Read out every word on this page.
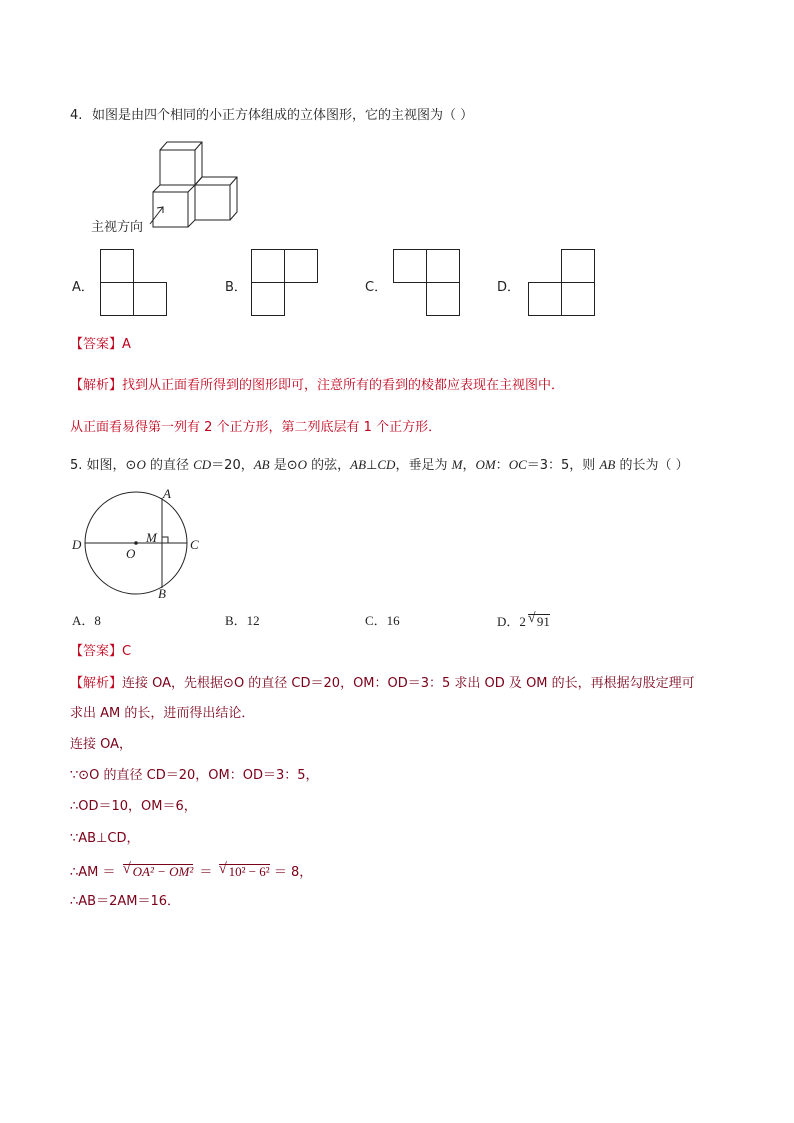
4. 如图是由四个相同的小正方体组成的立体图形，它的主视图为（ ）
主视方向
A．	B．	C．	D．
【答案】A
【解析】找到从正面看所得到的图形即可，注意所有的看到的棱都应表现在主视图中．
从正面看易得第一列有 2 个正方形，第二列底层有 1 个正方形．
5. 如图，⊙O 的直径 CD＝20，AB 是⊙O 的弦，AB⊥CD，垂足为 M，OM：OC＝3：5，则 AB 的长为（ ）
A
D	C
M
O
B
A．8	B．12	C．16	D．2 √ 91
【答案】C
【解析】连接 OA，先根据⊙O 的直径 CD＝20，OM：OD＝3：5 求出 OD 及 OM 的长，再根据勾股定理可
求出 AM 的长，进而得出结论．
连接 OA，
∵⊙O 的直径 CD＝20，OM：OD＝3：5，
∴OD＝10，OM＝6，
∵AB⊥CD，
∴AM ＝ √ OA² − OM² ＝ √ 10² − 6² ＝ 8，
∴AB＝2AM＝16．
